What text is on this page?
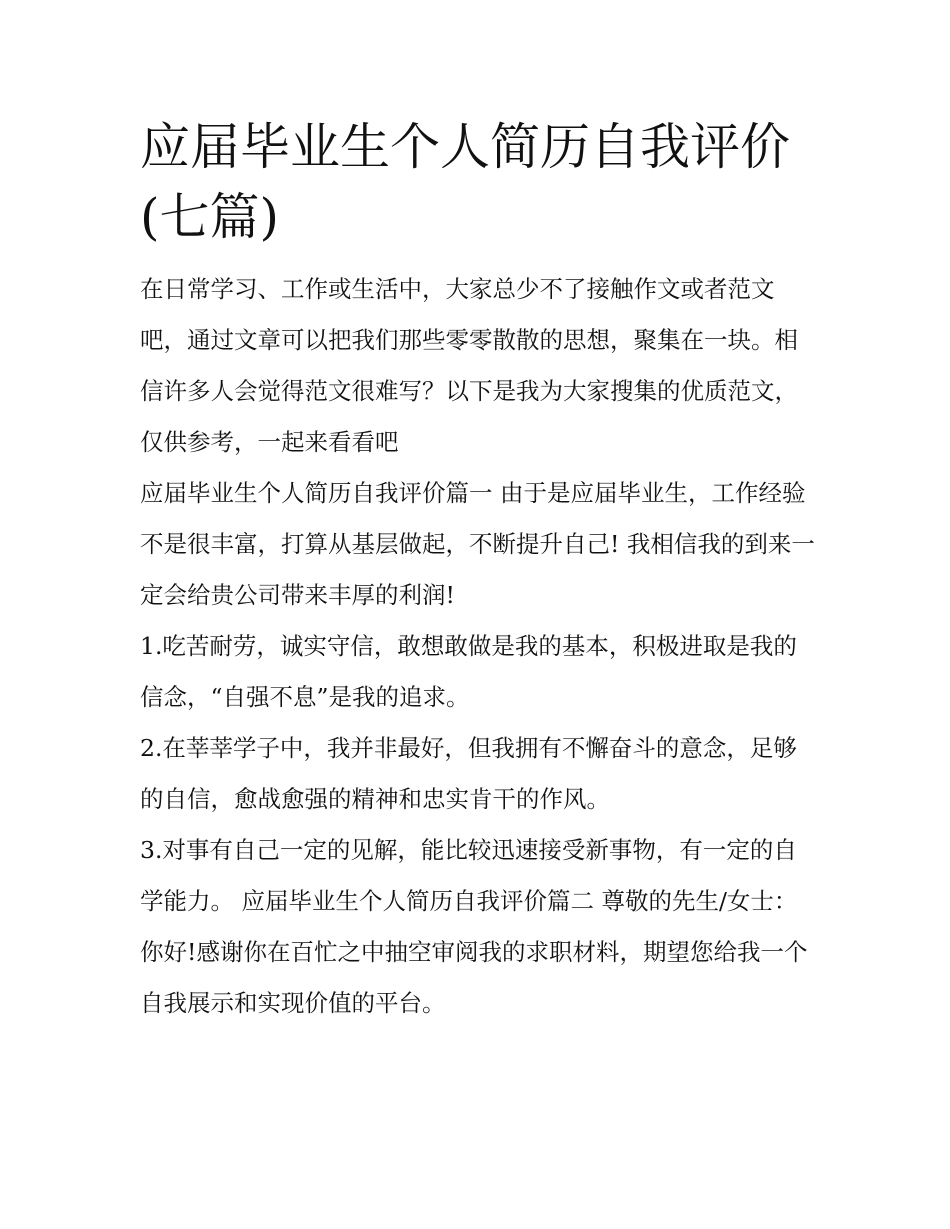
应届毕业生个人简历自我评价(七篇)

在日常学习、工作或生活中，大家总少不了接触作文或者范文吧，通过文章可以把我们那些零零散散的思想，聚集在一块。相信许多人会觉得范文很难写？以下是我为大家搜集的优质范文，仅供参考，一起来看看吧

应届毕业生个人简历自我评价篇一 由于是应届毕业生，工作经验不是很丰富，打算从基层做起，不断提升自己! 我相信我的到来一定会给贵公司带来丰厚的利润!

1.吃苦耐劳，诚实守信，敢想敢做是我的基本，积极进取是我的信念，“自强不息”是我的追求。

2.在莘莘学子中，我并非最好，但我拥有不懈奋斗的意念，足够的自信，愈战愈强的精神和忠实肯干的作风。

3.对事有自己一定的见解，能比较迅速接受新事物，有一定的自学能力。 应届毕业生个人简历自我评价篇二 尊敬的先生/女士：

你好!感谢你在百忙之中抽空审阅我的求职材料，期望您给我一个自我展示和实现价值的平台。
